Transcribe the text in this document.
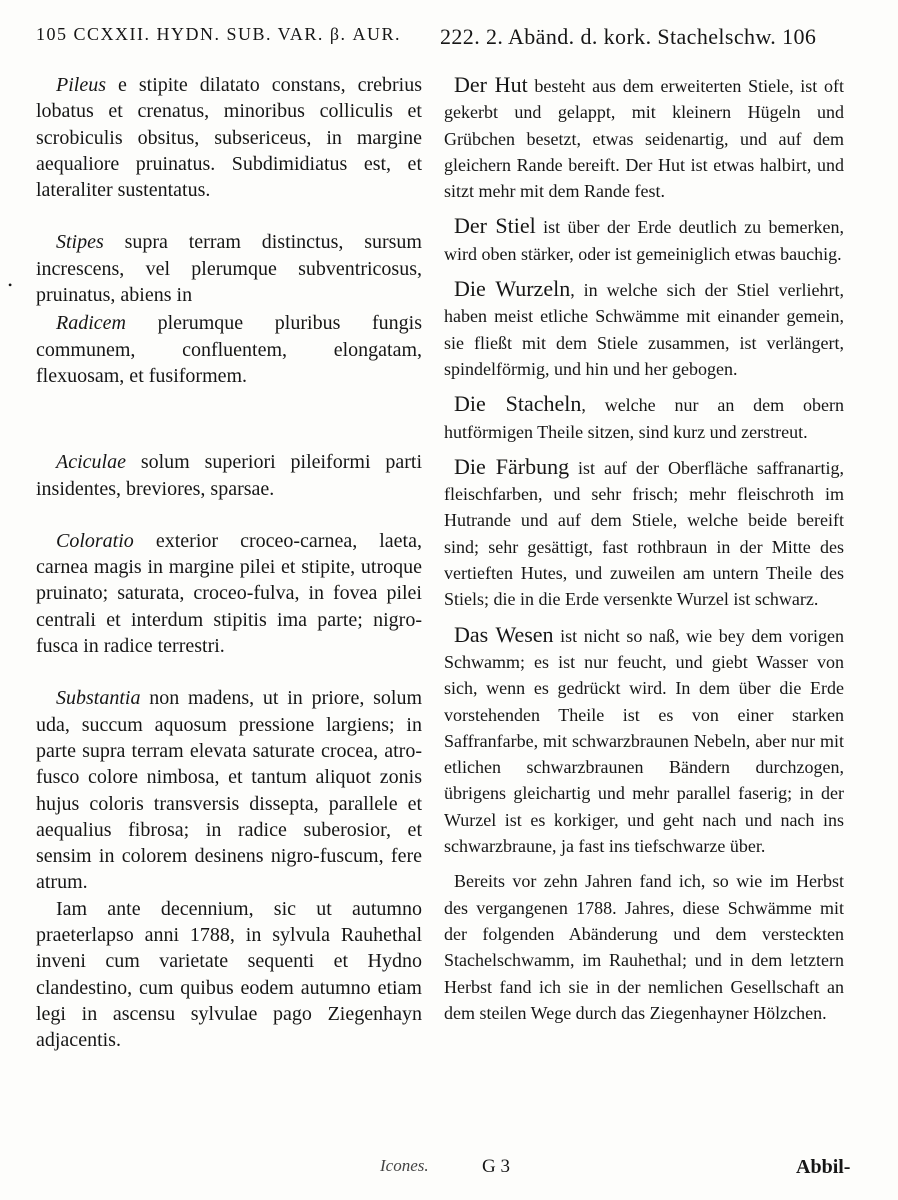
105 CCXXII. HYDN. SUB. VAR. β. AUR. 222. 2. Abänd. d. kork. Stachelschw. 106
•

Pileus e stipite dilatato constans, crebrius lobatus et crenatus, minoribus colliculis et scrobiculis obsitus, subsericeus, in margine aequaliore pruinatus. Subdimidiatus est, et lateraliter sustentatus.

Stipes supra terram distinctus, sursum increscens, vel plerumque subventricosus, pruinatus, abiens in

Radicem plerumque pluribus fungis communem, confluentem, elongatam, flexuosam, et fusiformem.

Aciculae solum superiori pileiformi parti insidentes, breviores, sparsae.

Coloratio exterior croceo-carnea, laeta, carnea magis in margine pilei et stipite, utroque pruinato; saturata, croceo-fulva, in fovea pilei centrali et interdum stipitis ima parte; nigro-fusca in radice terrestri.

Substantia non madens, ut in priore, solum uda, succum aquosum pressione largiens; in parte supra terram elevata saturate crocea, atro-fusco colore nimbosa, et tantum aliquot zonis hujus coloris transversis dissepta, parallele et aequalius fibrosa; in radice suberosior, et sensim in colorem desinens nigro-fuscum, fere atrum.

Iam ante decennium, sic ut autumno praeterlapso anni 1788, in sylvula Rauhethal inveni cum varietate sequenti et Hydno clandestino, cum quibus eodem autumno etiam legi in ascensu sylvulae pago Ziegenhayn adjacentis.

Der Hut besteht aus dem erweiterten Stiele, ist oft gekerbt und gelappt, mit kleinern Hügeln und Grübchen besetzt, etwas seidenartig, und auf dem gleichern Rande bereift. Der Hut ist etwas halbirt, und sitzt mehr mit dem Rande fest.

Der Stiel ist über der Erde deutlich zu bemerken, wird oben stärker, oder ist gemeiniglich etwas bauchig.

Die Wurzeln, in welche sich der Stiel verliehrt, haben meist etliche Schwämme mit einander gemein, sie fließt mit dem Stiele zusammen, ist verlängert, spindelförmig, und hin und her gebogen.

Die Stacheln, welche nur an dem obern hutförmigen Theile sitzen, sind kurz und zerstreut.

Die Färbung ist auf der Oberfläche saffranartig, fleischfarben, und sehr frisch; mehr fleischroth im Hutrande und auf dem Stiele, welche beide bereift sind; sehr gesättigt, fast rothbraun in der Mitte des vertieften Hutes, und zuweilen am untern Theile des Stiels; die in die Erde versenkte Wurzel ist schwarz.

Das Wesen ist nicht so naß, wie bey dem vorigen Schwamm; es ist nur feucht, und giebt Wasser von sich, wenn es gedrückt wird. In dem über die Erde vorstehenden Theile ist es von einer starken Saffranfarbe, mit schwarzbraunen Nebeln, aber nur mit etlichen schwarzbraunen Bändern durchzogen, übrigens gleichartig und mehr parallel faserig; in der Wurzel ist es korkiger, und geht nach und nach ins schwarzbraune, ja fast ins tiefschwarze über.

Bereits vor zehn Jahren fand ich, so wie im Herbst des vergangenen 1788. Jahres, diese Schwämme mit der folgenden Abänderung und dem versteckten Stachelschwamm, im Rauhethal; und in dem letztern Herbst fand ich sie in der nemlichen Gesellschaft an dem steilen Wege durch das Ziegenhayner Hölzchen.

Icones.	G 3	Abbil-
